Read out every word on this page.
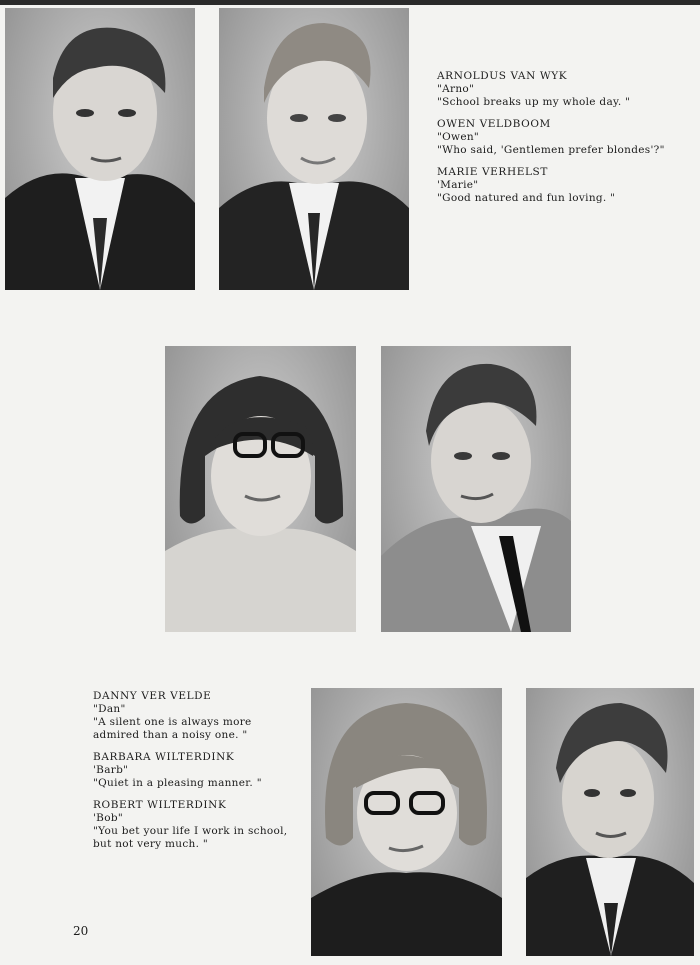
ARNOLDUS VAN WYK
"Arno"
"School breaks up my whole day. "
OWEN VELDBOOM
"Owen"
"Who said, 'Gentlemen prefer blondes'?"
MARIE VERHELST
'Marie"
"Good natured and fun loving. "
DANNY VER VELDE
"Dan"
"A silent one is always more admired than a noisy one. "
BARBARA WILTERDINK
'Barb"
"Quiet in a pleasing manner. "
ROBERT WILTERDINK
'Bob"
"You bet your life I work in school, but not very much. "
20
